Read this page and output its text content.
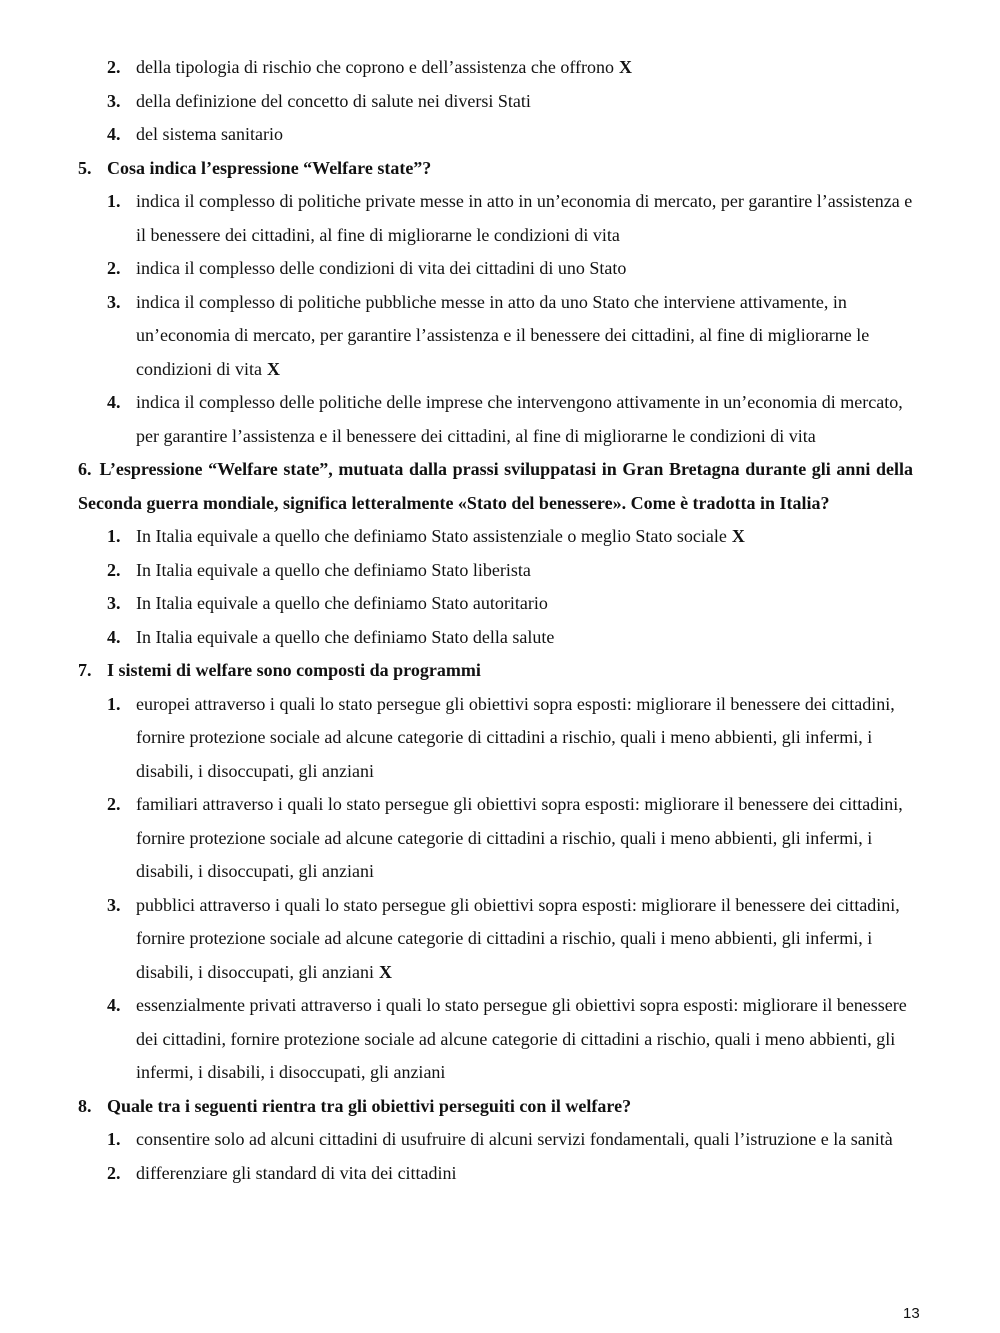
2. della tipologia di rischio che coprono e dell’assistenza che offrono X
3. della definizione del concetto di salute nei diversi Stati
4. del sistema sanitario
5. Cosa indica l’espressione “Welfare state”?
1. indica il complesso di politiche private messe in atto in un’economia di mercato, per garantire l’assistenza e il benessere dei cittadini, al fine di migliorarne le condizioni di vita
2. indica il complesso delle condizioni di vita dei cittadini di uno Stato
3. indica il complesso di politiche pubbliche messe in atto da uno Stato che interviene attivamente, in un’economia di mercato, per garantire l’assistenza e il benessere dei cittadini, al fine di migliorarne le condizioni di vita X
4. indica il complesso delle politiche delle imprese che intervengono attivamente in un’economia di mercato, per garantire l’assistenza e il benessere dei cittadini, al fine di migliorarne le condizioni di vita
6. L’espressione “Welfare state”, mutuata dalla prassi sviluppatasi in Gran Bretagna durante gli anni della Seconda guerra mondiale, significa letteralmente «Stato del benessere». Come è tradotta in Italia?
1. In Italia equivale a quello che definiamo Stato assistenziale o meglio Stato sociale X
2. In Italia equivale a quello che definiamo Stato liberista
3. In Italia equivale a quello che definiamo Stato autoritario
4. In Italia equivale a quello che definiamo Stato della salute
7. I sistemi di welfare sono composti da programmi
1. europei attraverso i quali lo stato persegue gli obiettivi sopra esposti: migliorare il benessere dei cittadini, fornire protezione sociale ad alcune categorie di cittadini a rischio, quali i meno abbienti, gli infermi, i disabili, i disoccupati, gli anziani
2. familiari attraverso i quali lo stato persegue gli obiettivi sopra esposti: migliorare il benessere dei cittadini, fornire protezione sociale ad alcune categorie di cittadini a rischio, quali i meno abbienti, gli infermi, i disabili, i disoccupati, gli anziani
3. pubblici attraverso i quali lo stato persegue gli obiettivi sopra esposti: migliorare il benessere dei cittadini, fornire protezione sociale ad alcune categorie di cittadini a rischio, quali i meno abbienti, gli infermi, i disabili, i disoccupati, gli anziani X
4. essenzialmente privati attraverso i quali lo stato persegue gli obiettivi sopra esposti: migliorare il benessere dei cittadini, fornire protezione sociale ad alcune categorie di cittadini a rischio, quali i meno abbienti, gli infermi, i disabili, i disoccupati, gli anziani
8. Quale tra i seguenti rientra tra gli obiettivi perseguiti con il welfare?
1. consentire solo ad alcuni cittadini di usufruire di alcuni servizi fondamentali, quali l’istruzione e la sanità
2. differenziare gli standard di vita dei cittadini
13
